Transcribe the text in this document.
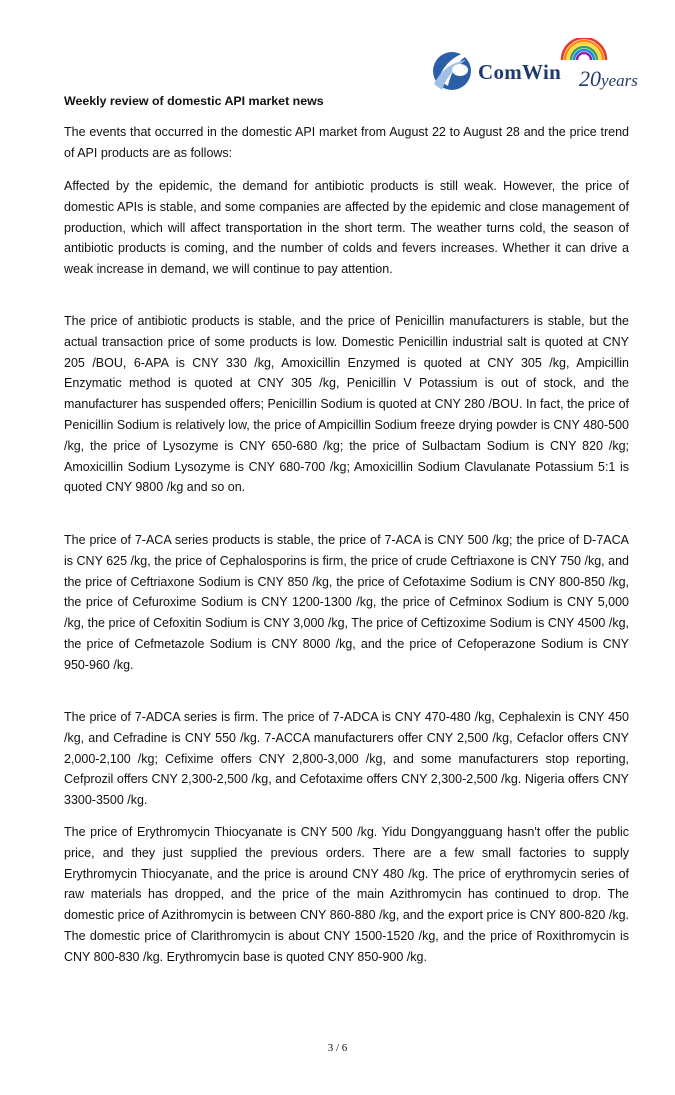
ComWin 20years
Weekly review of domestic API market news

The events that occurred in the domestic API market from August 22 to August 28 and the price trend of API products are as follows:

Affected by the epidemic, the demand for antibiotic products is still weak. However, the price of domestic APIs is stable, and some companies are affected by the epidemic and close management of production, which will affect transportation in the short term. The weather turns cold, the season of antibiotic products is coming, and the number of colds and fevers increases. Whether it can drive a weak increase in demand, we will continue to pay attention.

The price of antibiotic products is stable, and the price of Penicillin manufacturers is stable, but the actual transaction price of some products is low. Domestic Penicillin industrial salt is quoted at CNY 205 /BOU, 6-APA is CNY 330 /kg, Amoxicillin Enzymed is quoted at CNY 305 /kg, Ampicillin Enzymatic method is quoted at CNY 305 /kg, Penicillin V Potassium is out of stock, and the manufacturer has suspended offers; Penicillin Sodium is quoted at CNY 280 /BOU. In fact, the price of Penicillin Sodium is relatively low, the price of Ampicillin Sodium freeze drying powder is CNY 480-500 /kg, the price of Lysozyme is CNY 650-680 /kg; the price of Sulbactam Sodium is CNY 820 /kg; Amoxicillin Sodium Lysozyme is CNY 680-700 /kg; Amoxicillin Sodium Clavulanate Potassium 5:1 is quoted CNY 9800 /kg and so on.

The price of 7-ACA series products is stable, the price of 7-ACA is CNY 500 /kg; the price of D-7ACA is CNY 625 /kg, the price of Cephalosporins is firm, the price of crude Ceftriaxone is CNY 750 /kg, and the price of Ceftriaxone Sodium is CNY 850 /kg, the price of Cefotaxime Sodium is CNY 800-850 /kg, the price of Cefuroxime Sodium is CNY 1200-1300 /kg, the price of Cefminox Sodium is CNY 5,000 /kg, the price of Cefoxitin Sodium is CNY 3,000 /kg, The price of Ceftizoxime Sodium is CNY 4500 /kg, the price of Cefmetazole Sodium is CNY 8000 /kg, and the price of Cefoperazone Sodium is CNY 950-960 /kg.

The price of 7-ADCA series is firm. The price of 7-ADCA is CNY 470-480 /kg, Cephalexin is CNY 450 /kg, and Cefradine is CNY 550 /kg. 7-ACCA manufacturers offer CNY 2,500 /kg, Cefaclor offers CNY 2,000-2,100 /kg; Cefixime offers CNY 2,800-3,000 /kg, and some manufacturers stop reporting, Cefprozil offers CNY 2,300-2,500 /kg, and Cefotaxime offers CNY 2,300-2,500 /kg. Nigeria offers CNY 3300-3500 /kg.

The price of Erythromycin Thiocyanate is CNY 500 /kg. Yidu Dongyangguang hasn't offer the public price, and they just supplied the previous orders. There are a few small factories to supply Erythromycin Thiocyanate, and the price is around CNY 480 /kg. The price of erythromycin series of raw materials has dropped, and the price of the main Azithromycin has continued to drop. The domestic price of Azithromycin is between CNY 860-880 /kg, and the export price is CNY 800-820 /kg. The domestic price of Clarithromycin is about CNY 1500-1520 /kg, and the price of Roxithromycin is CNY 800-830 /kg. Erythromycin base is quoted CNY 850-900 /kg.

3 / 6
